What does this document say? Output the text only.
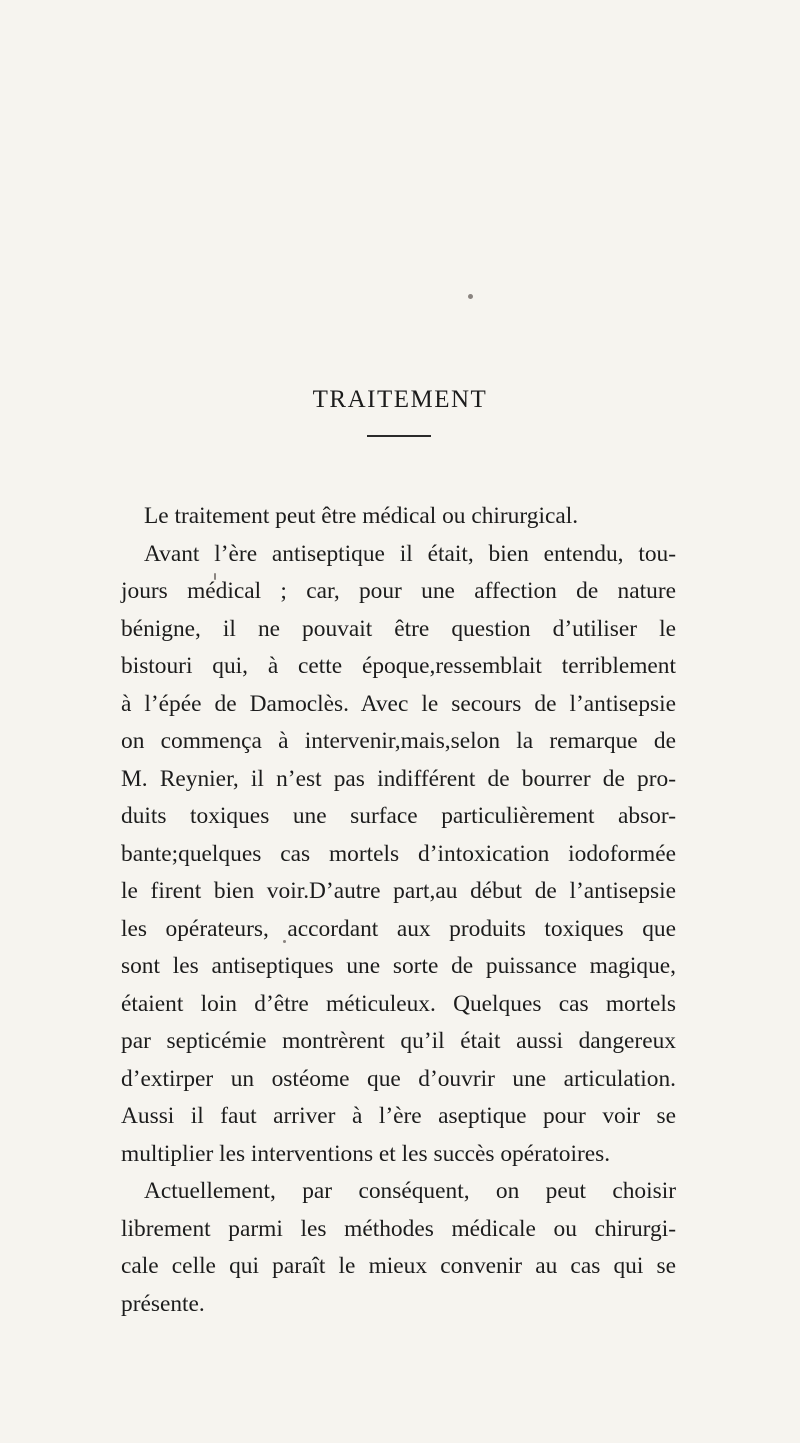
TRAITEMENT
Le traitement peut être médical ou chirurgical.
Avant l’ère antiseptique il était, bien entendu, tou-
jours médical ; car, pour une affection de nature
bénigne, il ne pouvait être question d’utiliser le
bistouri qui, à cette époque,ressemblait terriblement
à l’épée de Damoclès. Avec le secours de l’antisepsie
on commença à intervenir,mais,selon la remarque de
M. Reynier, il n’est pas indifférent de bourrer de pro-
duits toxiques une surface particulièrement absor-
bante;quelques cas mortels d’intoxication iodoformée
le firent bien voir.D’autre part,au début de l’antisepsie
les opérateurs, accordant aux produits toxiques que
sont les antiseptiques une sorte de puissance magique,
étaient loin d’être méticuleux. Quelques cas mortels
par septicémie montrèrent qu’il était aussi dangereux
d’extirper un ostéome que d’ouvrir une articulation.
Aussi il faut arriver à l’ère aseptique pour voir se
multiplier les interventions et les succès opératoires.
Actuellement, par conséquent, on peut choisir
librement parmi les méthodes médicale ou chirurgi-
cale celle qui paraît le mieux convenir au cas qui se
présente.
